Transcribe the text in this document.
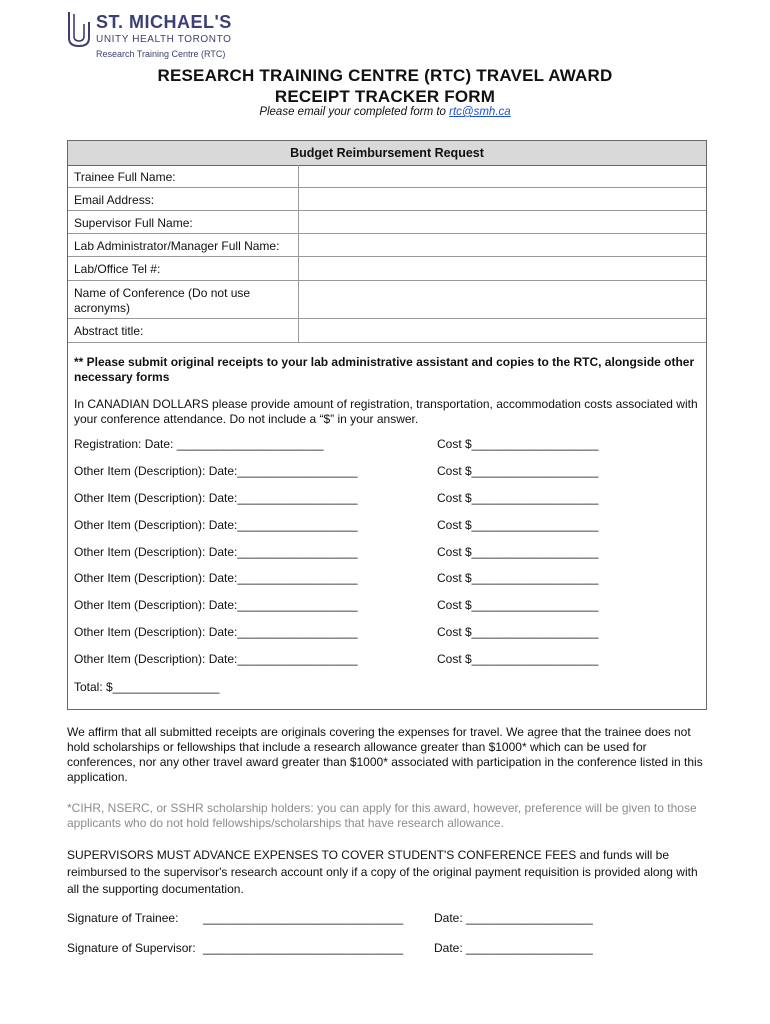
ST. MICHAEL'S
UNITY HEALTH TORONTO
Research Training Centre (RTC)
RESEARCH TRAINING CENTRE (RTC) TRAVEL AWARD
RECEIPT TRACKER FORM
Please email your completed form to rtc@smh.ca
Budget Reimbursement Request
Trainee Full Name:
Email Address:
Supervisor Full Name:
Lab Administrator/Manager Full Name:
Lab/Office Tel #:
Name of Conference (Do not use acronyms)
Abstract title:
** Please submit original receipts to your lab administrative assistant and copies to the RTC, alongside other necessary forms
In CANADIAN DOLLARS please provide amount of registration, transportation, accommodation costs associated with your conference attendance. Do not include a “$” in your answer.
Registration: Date: ______________________	Cost $___________________
Other Item (Description): Date:__________________	Cost $___________________
Other Item (Description): Date:__________________	Cost $___________________
Other Item (Description): Date:__________________	Cost $___________________
Other Item (Description): Date:__________________	Cost $___________________
Other Item (Description): Date:__________________	Cost $___________________
Other Item (Description): Date:__________________	Cost $___________________
Other Item (Description): Date:__________________	Cost $___________________
Other Item (Description): Date:__________________	Cost $___________________
Total: $________________
We affirm that all submitted receipts are originals covering the expenses for travel. We agree that the trainee does not hold scholarships or fellowships that include a research allowance greater than $1000* which can be used for conferences, nor any other travel award greater than $1000* associated with participation in the conference listed in this application.
*CIHR, NSERC, or SSHR scholarship holders: you can apply for this award, however, preference will be given to those applicants who do not hold fellowships/scholarships that have research allowance.
SUPERVISORS MUST ADVANCE EXPENSES TO COVER STUDENT'S CONFERENCE FEES and funds will be reimbursed to the supervisor's research account only if a copy of the original payment requisition is provided along with all the supporting documentation.
Signature of Trainee: ______________________________	Date: ___________________
Signature of Supervisor: ______________________________	Date: ___________________
